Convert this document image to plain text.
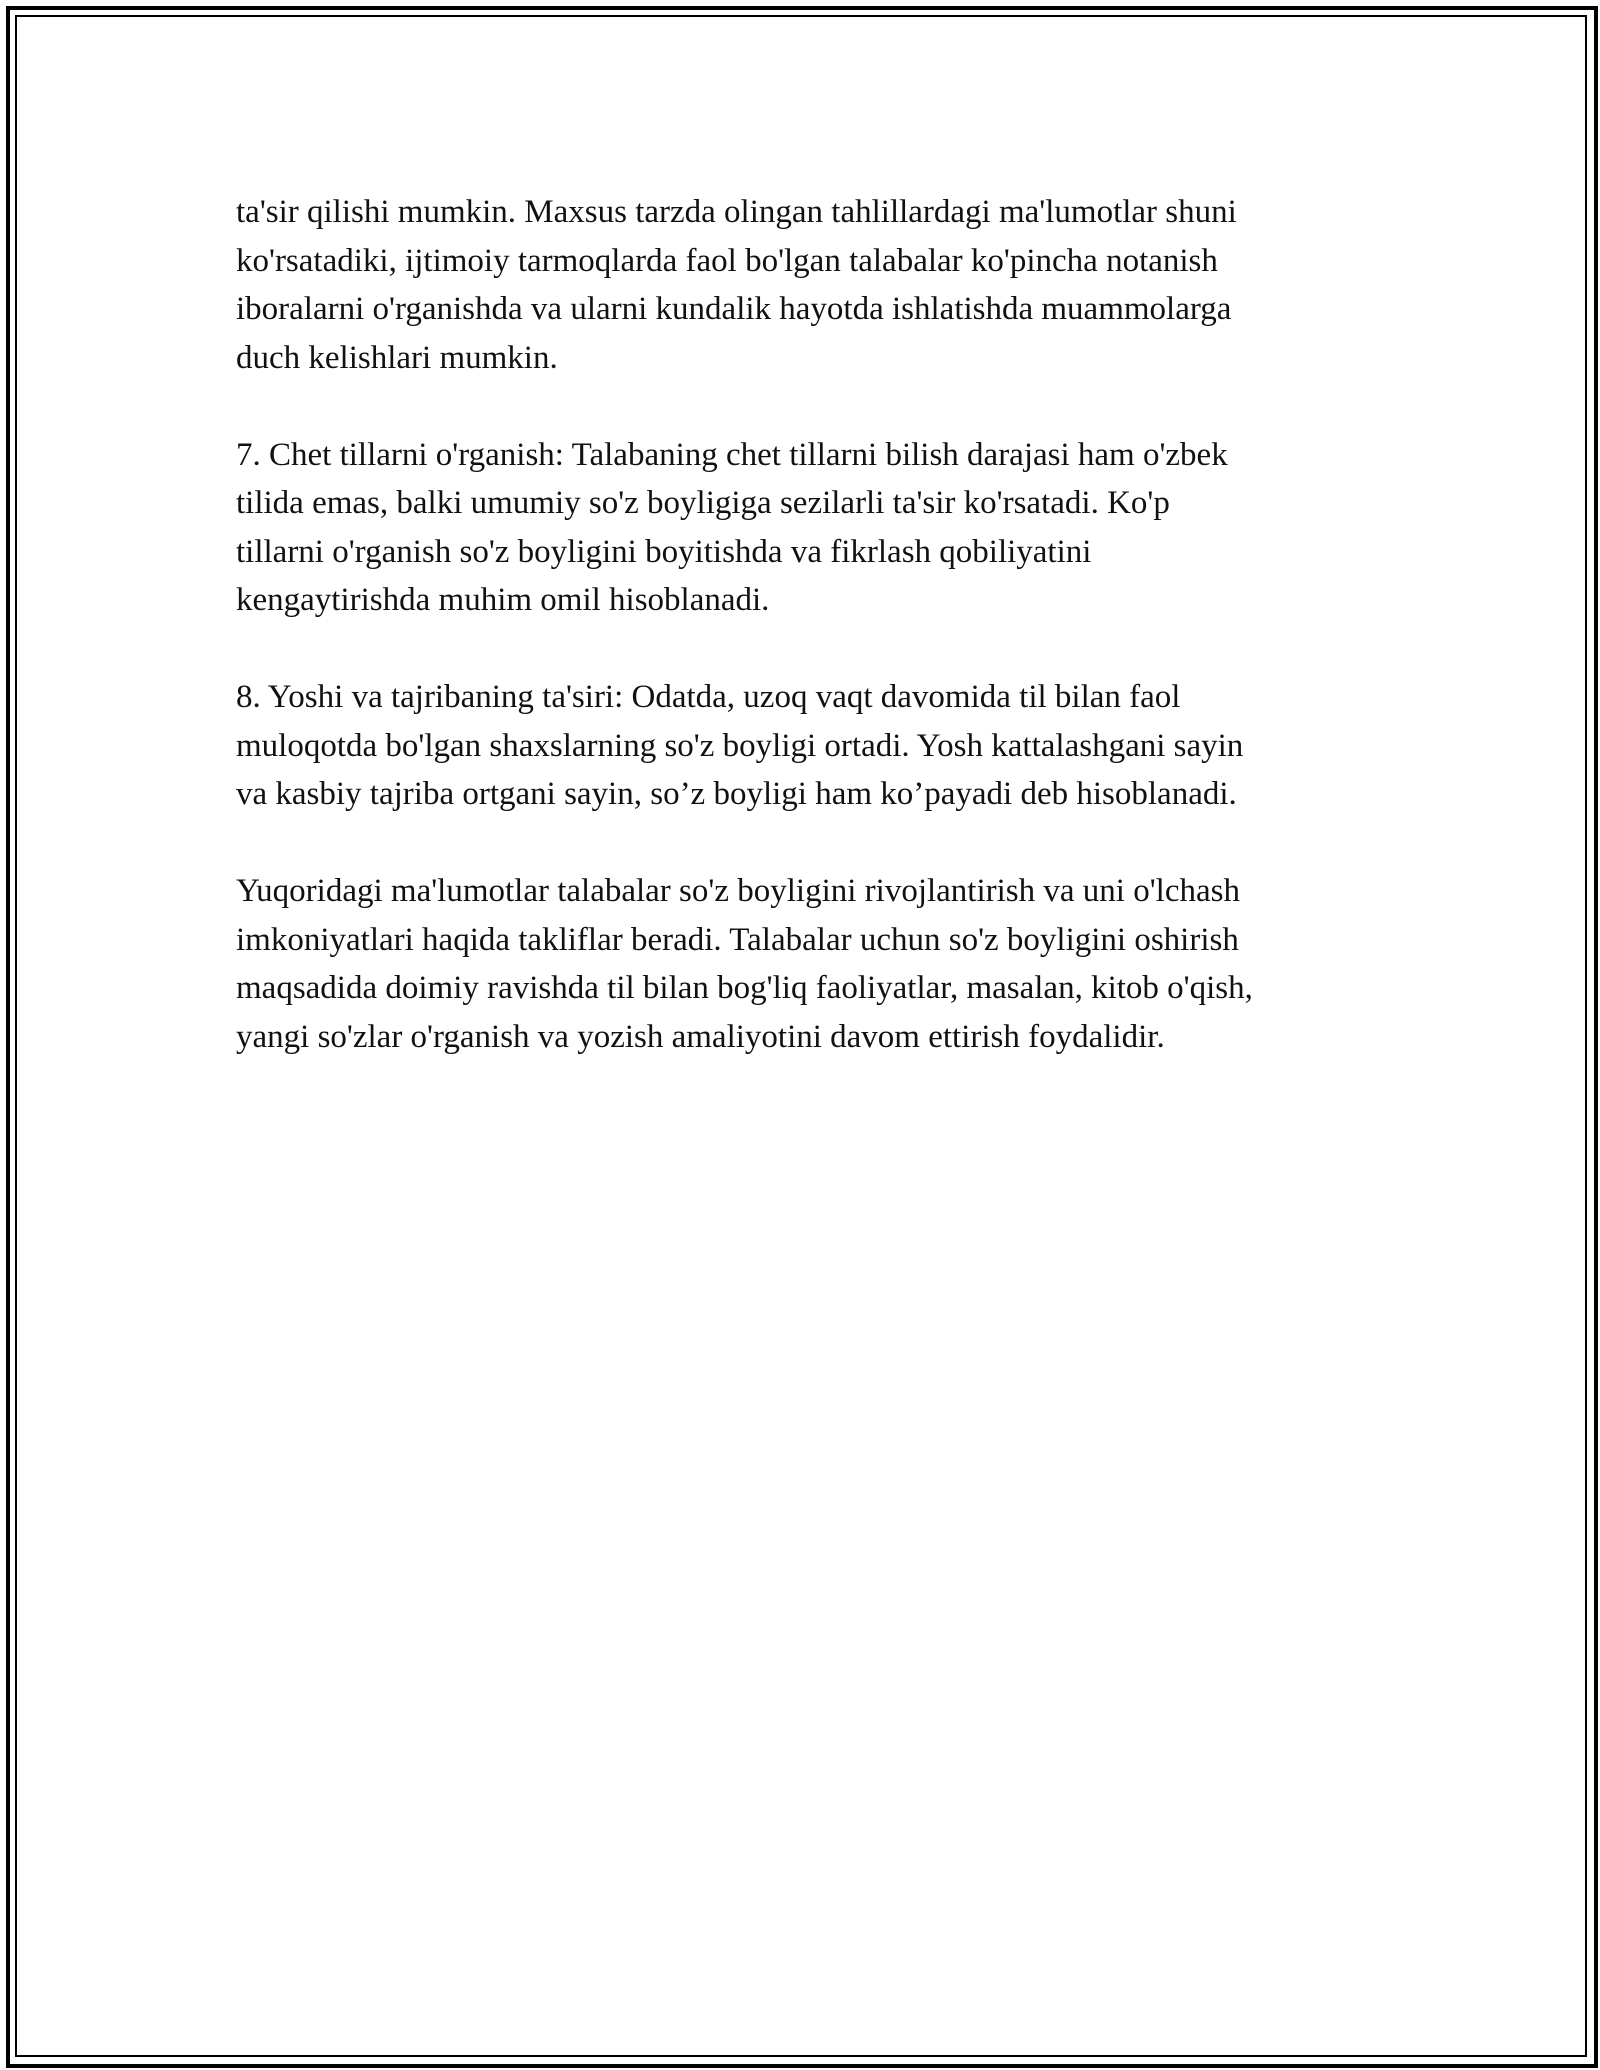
ta'sir qilishi mumkin. Maxsus tarzda olingan tahlillardagi ma'lumotlar shuni
ko'rsatadiki, ijtimoiy tarmoqlarda faol bo'lgan talabalar ko'pincha notanish
iboralarni o'rganishda va ularni kundalik hayotda ishlatishda muammolarga
duch kelishlari mumkin.

7. Chet tillarni o'rganish: Talabaning chet tillarni bilish darajasi ham o'zbek
tilida emas, balki umumiy so'z boyligiga sezilarli ta'sir ko'rsatadi. Ko'p
tillarni o'rganish so'z boyligini boyitishda va fikrlash qobiliyatini
kengaytirishda muhim omil hisoblanadi.

8. Yoshi va tajribaning ta'siri: Odatda, uzoq vaqt davomida til bilan faol
muloqotda bo'lgan shaxslarning so'z boyligi ortadi. Yosh kattalashgani sayin
va kasbiy tajriba ortgani sayin, so’z boyligi ham ko’payadi deb hisoblanadi.

Yuqoridagi ma'lumotlar talabalar so'z boyligini rivojlantirish va uni o'lchash
imkoniyatlari haqida takliflar beradi. Talabalar uchun so'z boyligini oshirish
maqsadida doimiy ravishda til bilan bog'liq faoliyatlar, masalan, kitob o'qish,
yangi so'zlar o'rganish va yozish amaliyotini davom ettirish foydalidir.
